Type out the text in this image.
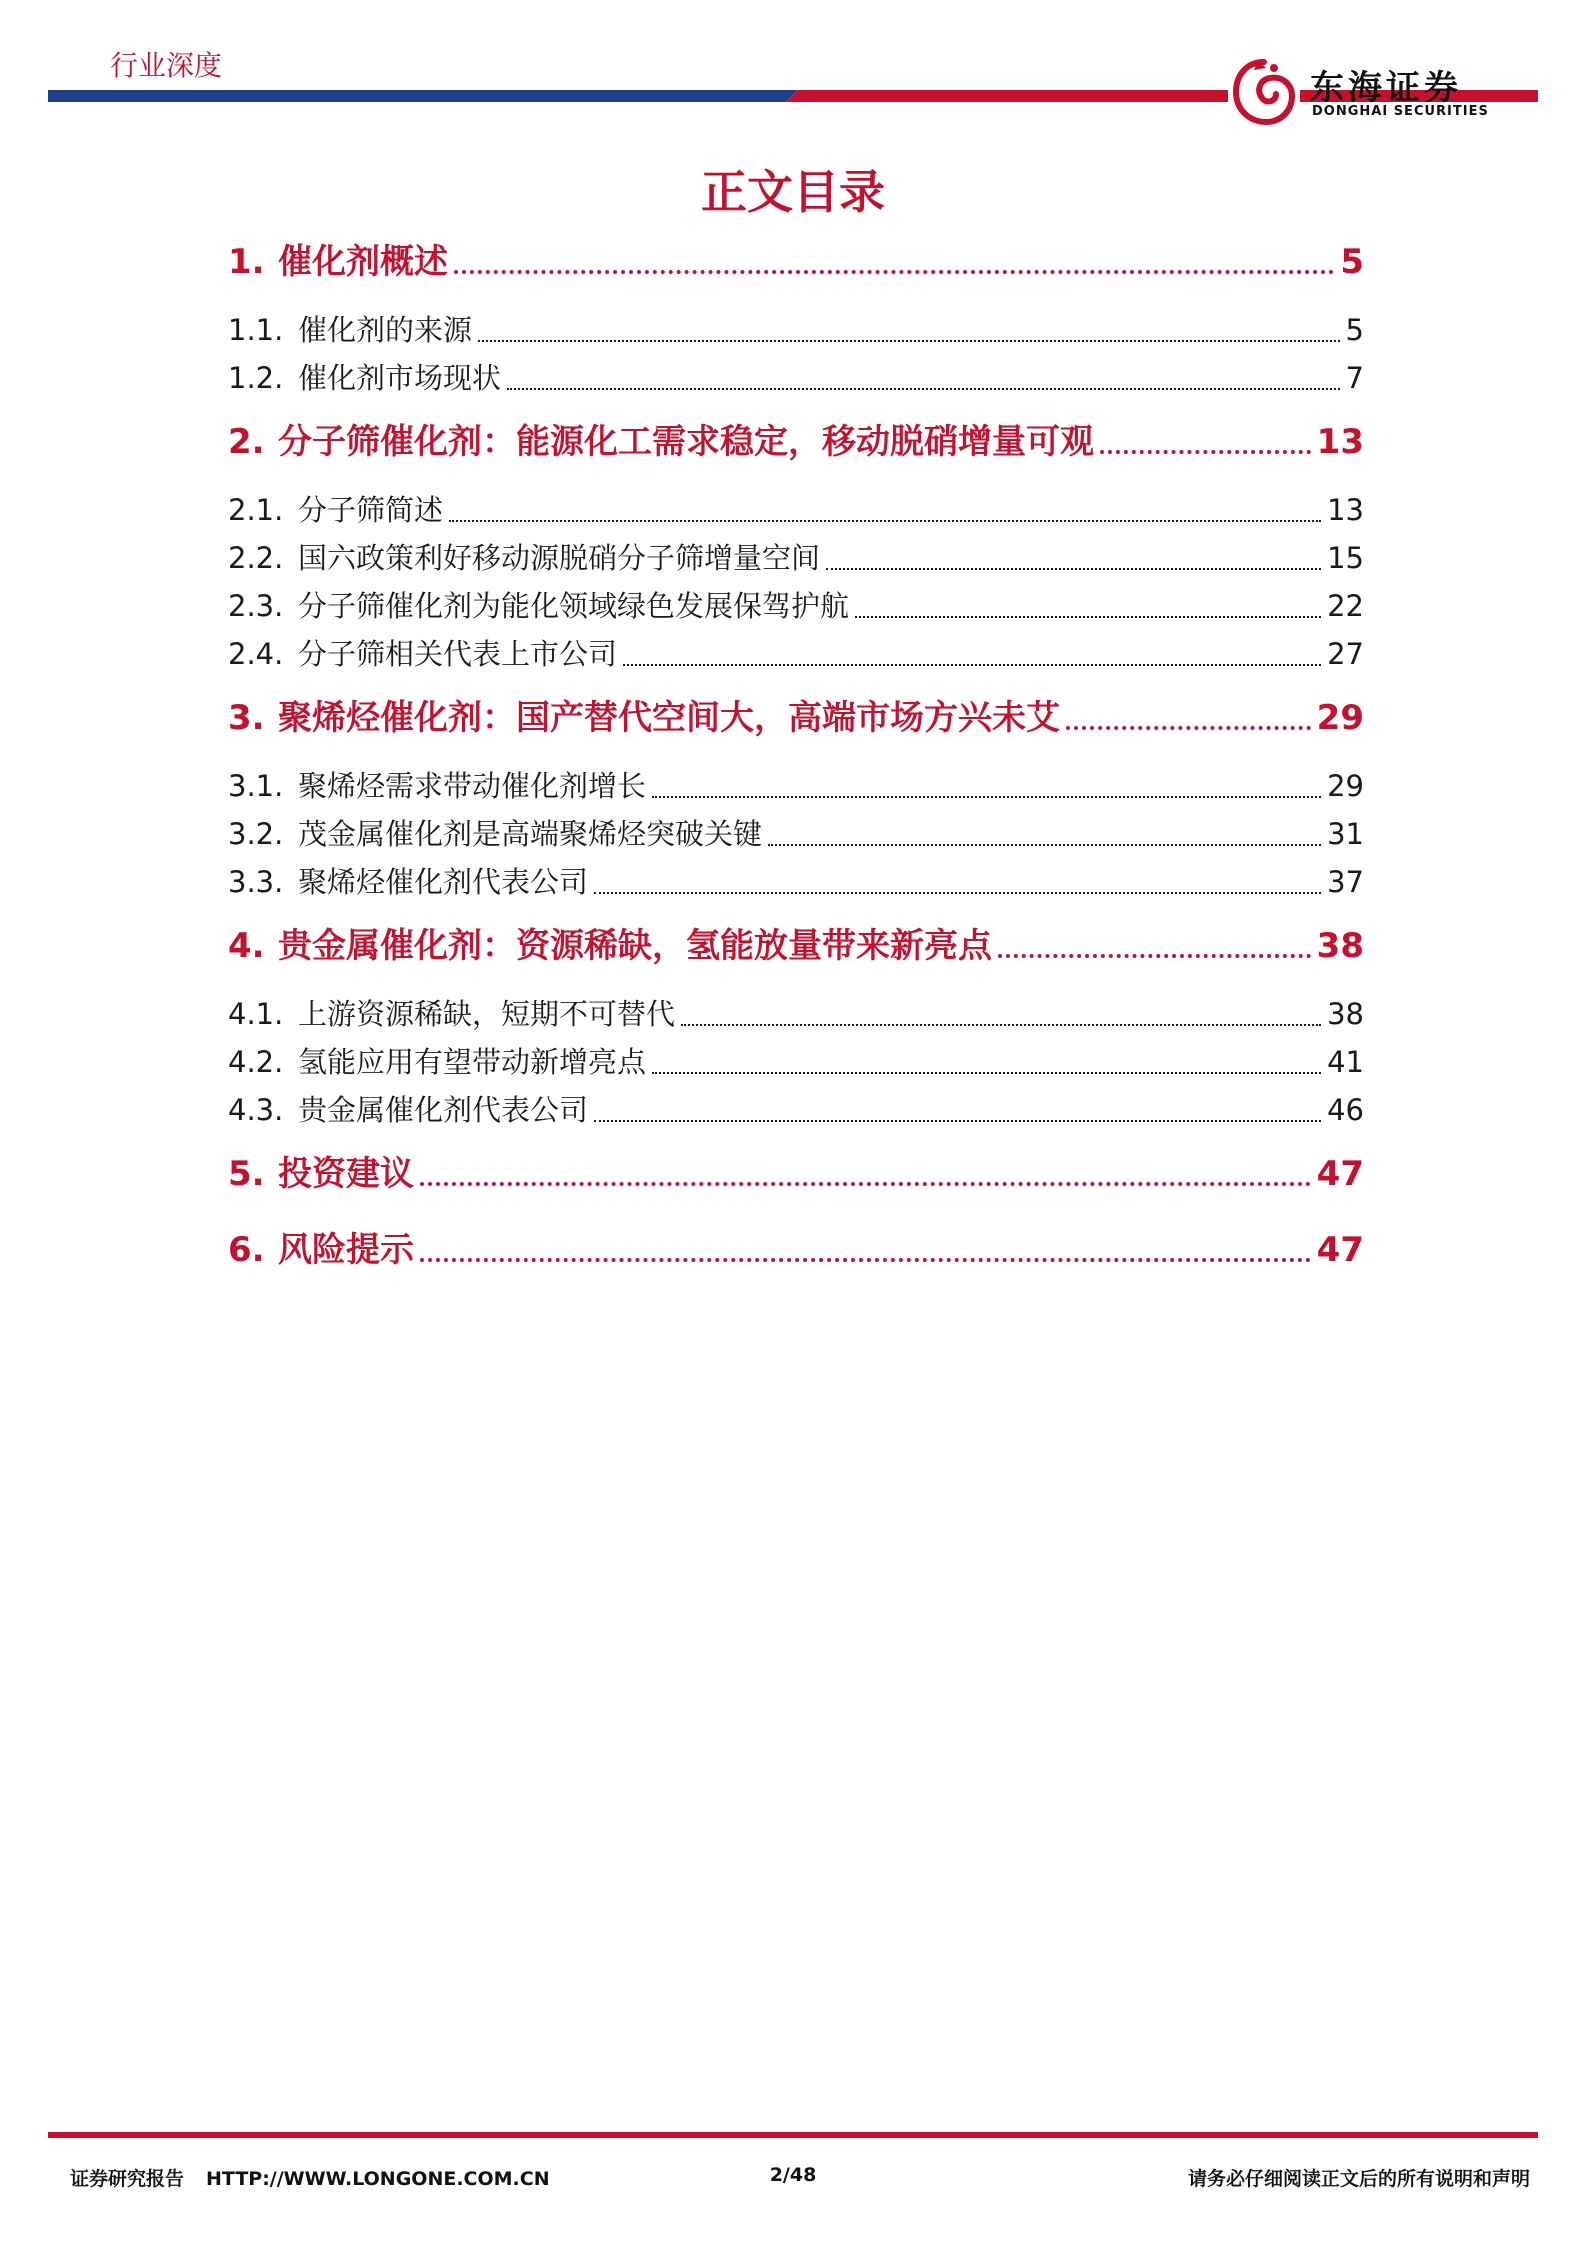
行业深度
东海证券
DONGHAI SECURITIES
正文目录
1. 催化剂概述	5
1.1. 催化剂的来源	5
1.2. 催化剂市场现状	7
2. 分子筛催化剂：能源化工需求稳定，移动脱硝增量可观	13
2.1. 分子筛简述	13
2.2. 国六政策利好移动源脱硝分子筛增量空间	15
2.3. 分子筛催化剂为能化领域绿色发展保驾护航	22
2.4. 分子筛相关代表上市公司	27
3. 聚烯烃催化剂：国产替代空间大，高端市场方兴未艾	29
3.1. 聚烯烃需求带动催化剂增长	29
3.2. 茂金属催化剂是高端聚烯烃突破关键	31
3.3. 聚烯烃催化剂代表公司	37
4. 贵金属催化剂：资源稀缺，氢能放量带来新亮点	38
4.1. 上游资源稀缺，短期不可替代	38
4.2. 氢能应用有望带动新增亮点	41
4.3. 贵金属催化剂代表公司	46
5. 投资建议	47
6. 风险提示	47
证券研究报告 HTTP://WWW.LONGONE.COM.CN	2/48	请务必仔细阅读正文后的所有说明和声明
